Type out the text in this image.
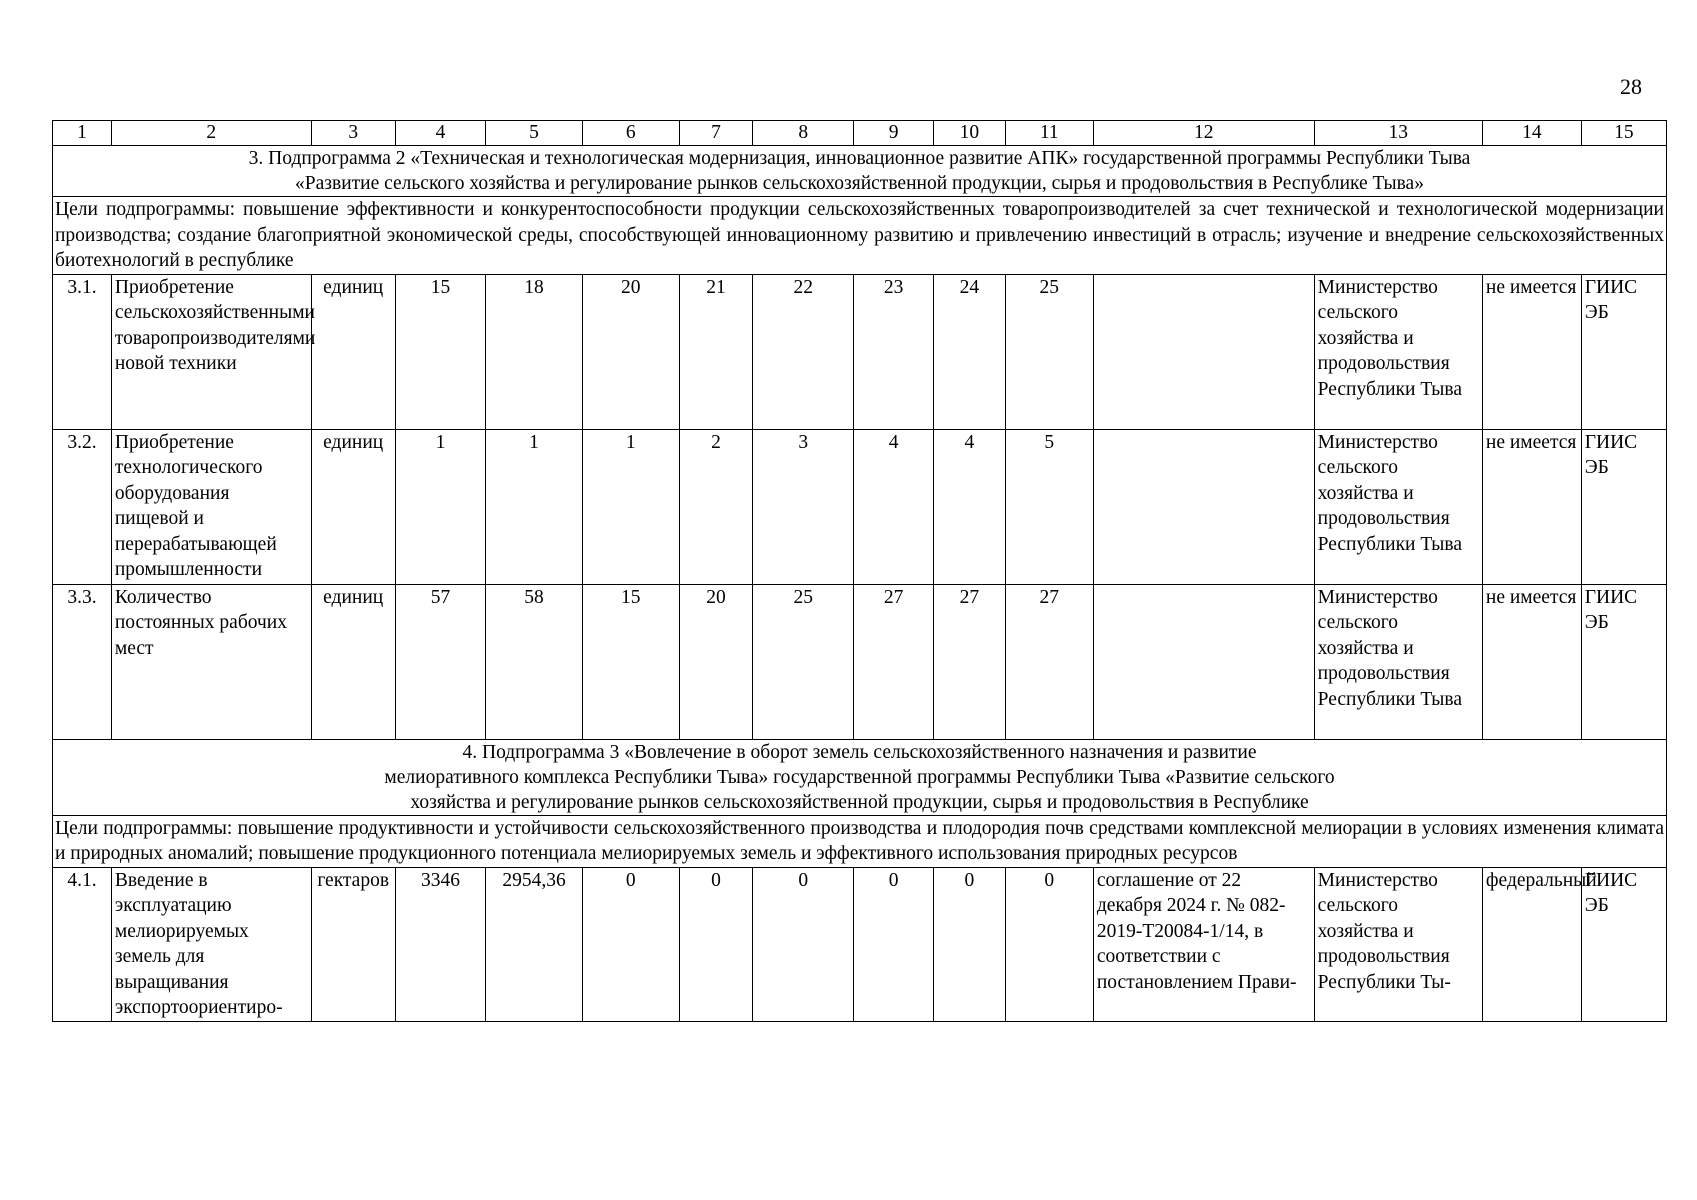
28
1	2	3	4	5	6	7	8	9	10	11	12	13	14	15

3. Подпрограмма 2 «Техническая и технологическая модернизация, инновационное развитие АПК» государственной программы Республики Тыва
«Развитие сельского хозяйства и регулирование рынков сельскохозяйственной продукции, сырья и продовольствия в Республике Тыва»														

Цели подпрограммы: повышение эффективности и конкурентоспособности продукции сельскохозяйственных товаропроизводителей за счет технической и технологической модернизации производства; создание благоприятной экономической среды, способствующей инновационному развитию и привлечению инвестиций в отрасль; изучение и внедрение сельскохозяйственных биотехнологий в республике														
3.1.	Приобретение сельскохозяйственными товаропроизводителями новой техники	единиц	15	18	20	21	22	23	24	25		Министерство сельского хозяйства и продовольствия Республики Тыва	не имеется	ГИИС ЭБ
3.2.	Приобретение технологического оборудования пищевой и перерабатывающей промышленности	единиц	1	1	1	2	3	4	4	5		Министерство сельского хозяйства и продовольствия Республики Тыва	не имеется	ГИИС ЭБ
3.3.	Количество постоянных рабочих мест	единиц	57	58	15	20	25	27	27	27		Министерство сельского хозяйства и продовольствия Республики Тыва	не имеется	ГИИС ЭБ

4. Подпрограмма 3 «Вовлечение в оборот земель сельскохозяйственного назначения и развитие
мелиоративного комплекса Республики Тыва» государственной программы Республики Тыва «Развитие сельского
хозяйства и регулирование рынков сельскохозяйственной продукции, сырья и продовольствия в Республике														

Цели подпрограммы: повышение продуктивности и устойчивости сельскохозяйственного производства и плодородия почв средствами комплексной мелиорации в условиях изменения климата и природных аномалий; повышение продукционного потенциала мелиорируемых земель и эффективного использования природных ресурсов														
4.1.	Введение в эксплуатацию мелиорируемых земель для выращивания экспортоориентиро-	гектаров	3346	2954,36	0	0	0	0	0	0	соглашение от 22 декабря 2024 г. № 082-2019-T20084-1/14, в соответствии с постановлением Прави-	Министерство сельского хозяйства и продовольствия Республики Ты-	федеральный	ГИИС ЭБ
